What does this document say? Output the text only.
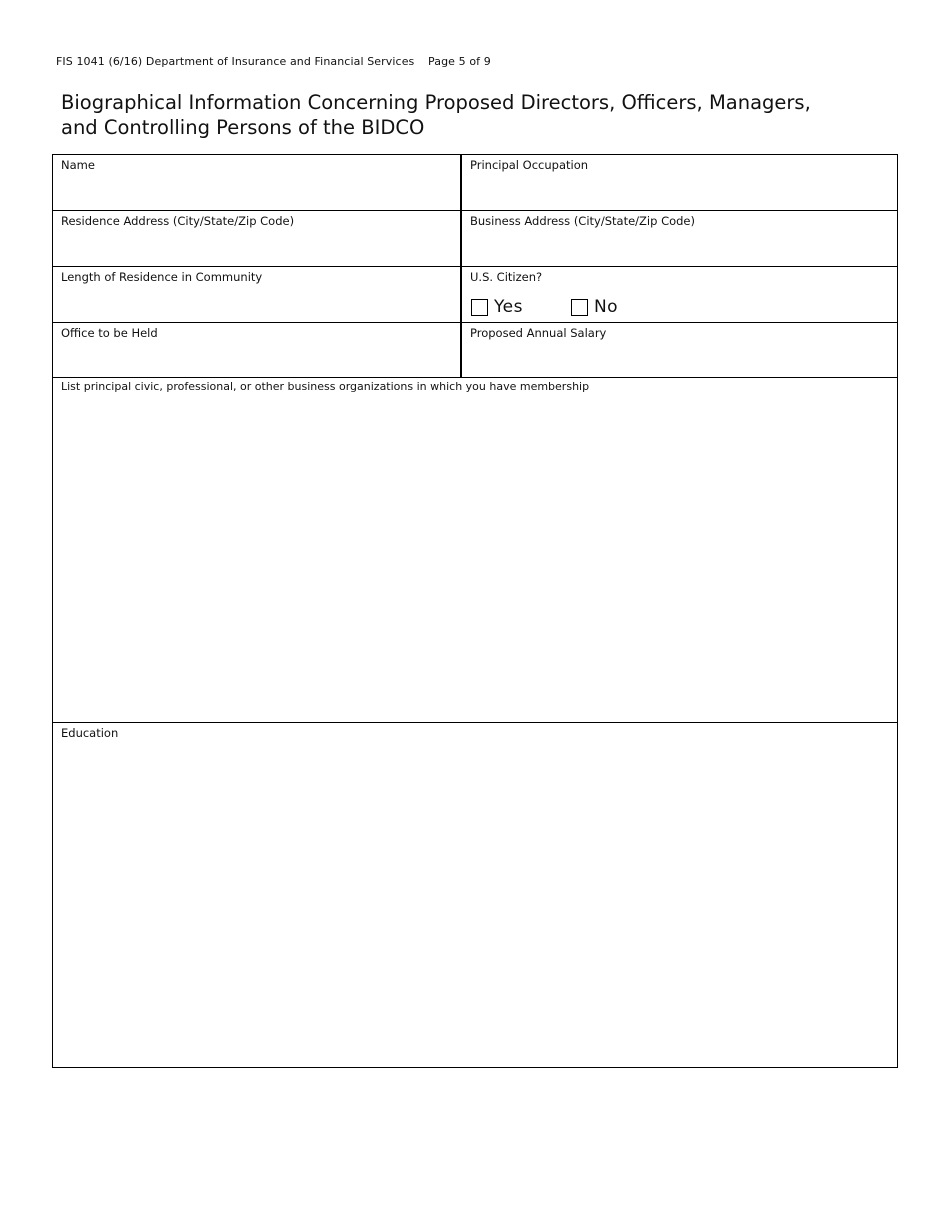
FIS 1041 (6/16) Department of Insurance and Financial Services Page 5 of 9
Biographical Information Concerning Proposed Directors, Officers, Managers,
and Controlling Persons of the BIDCO
Name	Principal Occupation
Residence Address (City/State/Zip Code)	Business Address (City/State/Zip Code)
Length of Residence in Community	U.S. Citizen?
Yes	No
Office to be Held	Proposed Annual Salary
List principal civic, professional, or other business organizations in which you have membership
Education
